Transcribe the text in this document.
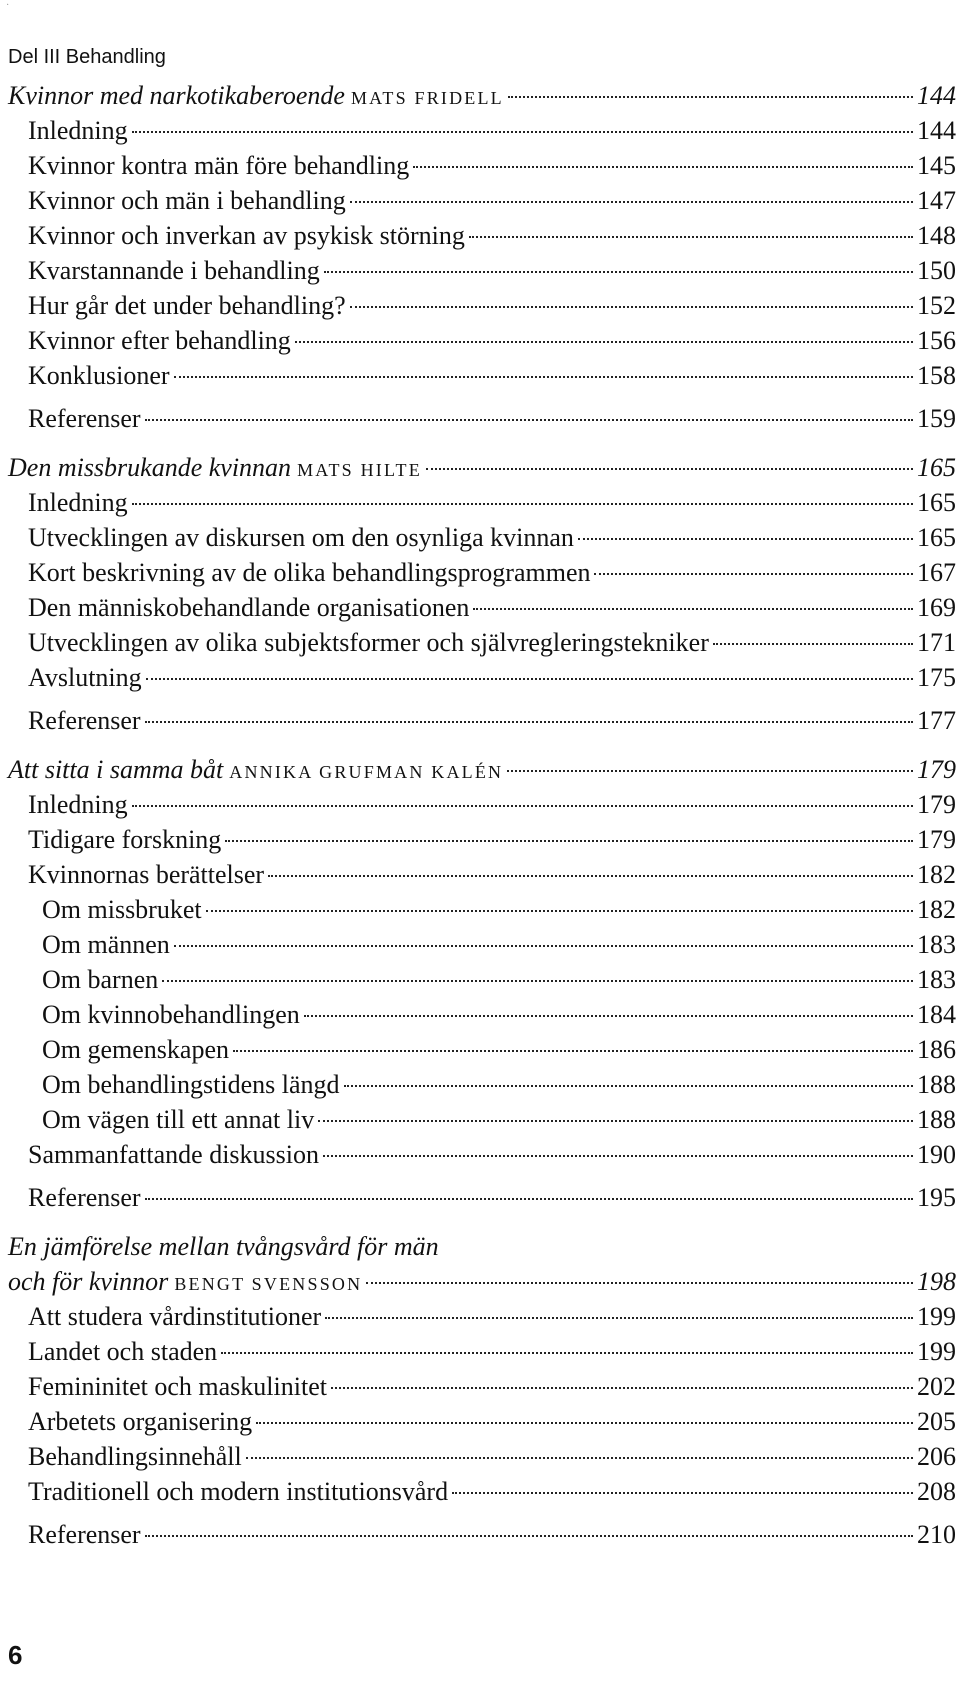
·
Del III Behandling
Kvinnor med narkotikaberoende MATS FRIDELL	144
Inledning	144
Kvinnor kontra män före behandling	145
Kvinnor och män i behandling	147
Kvinnor och inverkan av psykisk störning	148
Kvarstannande i behandling	150
Hur går det under behandling?	152
Kvinnor efter behandling	156
Konklusioner	158
Referenser	159
Den missbrukande kvinnan MATS HILTE	165
Inledning	165
Utvecklingen av diskursen om den osynliga kvinnan	165
Kort beskrivning av de olika behandlingsprogrammen	167
Den människobehandlande organisationen	169
Utvecklingen av olika subjektsformer och självregleringstekniker	171
Avslutning	175
Referenser	177
Att sitta i samma båt ANNIKA GRUFMAN KALÉN	179
Inledning	179
Tidigare forskning	179
Kvinnornas berättelser	182
Om missbruket	182
Om männen	183
Om barnen	183
Om kvinnobehandlingen	184
Om gemenskapen	186
Om behandlingstidens längd	188
Om vägen till ett annat liv	188
Sammanfattande diskussion	190
Referenser	195
En jämförelse mellan tvångsvård för män
och för kvinnor BENGT SVENSSON	198
Att studera vårdinstitutioner	199
Landet och staden	199
Femininitet och maskulinitet	202
Arbetets organisering	205
Behandlingsinnehåll	206
Traditionell och modern institutionsvård	208
Referenser	210
6
